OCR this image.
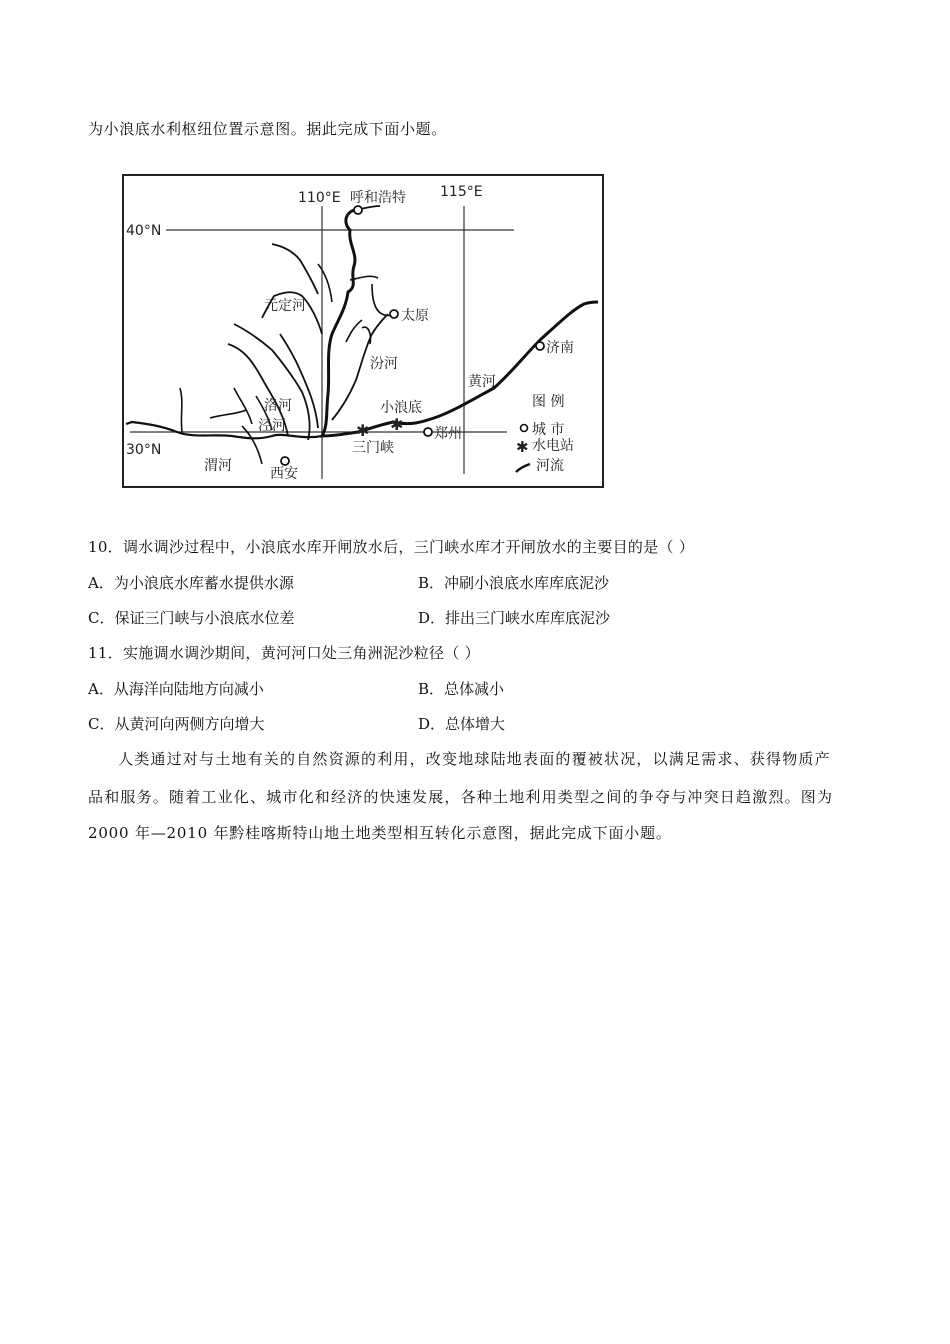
为小浪底水利枢纽位置示意图。据此完成下面小题。
✱ ✱
110°E	115°E
40°N
30°N
呼和浩特
太原
济南
郑州
西安
三门峡
小浪底
元定河
汾河
洛河
泾河
渭河
黄河
图 例
城 市
✱ 水电站
河流
10．调水调沙过程中，小浪底水库开闸放水后，三门峡水库才开闸放水的主要目的是（ ）
A．为小浪底水库蓄水提供水源	B．冲刷小浪底水库库底泥沙
C．保证三门峡与小浪底水位差	D．排出三门峡水库库底泥沙
11．实施调水调沙期间，黄河河口处三角洲泥沙粒径（ ）
A．从海洋向陆地方向减小	B．总体减小
C．从黄河向两侧方向增大	D．总体增大
人类通过对与土地有关的自然资源的利用，改变地球陆地表面的覆被状况，以满足需求、获得物质产
品和服务。随着工业化、城市化和经济的快速发展，各种土地利用类型之间的争夺与冲突日趋激烈。图为
2000 年—2010 年黔桂喀斯特山地土地类型相互转化示意图，据此完成下面小题。
